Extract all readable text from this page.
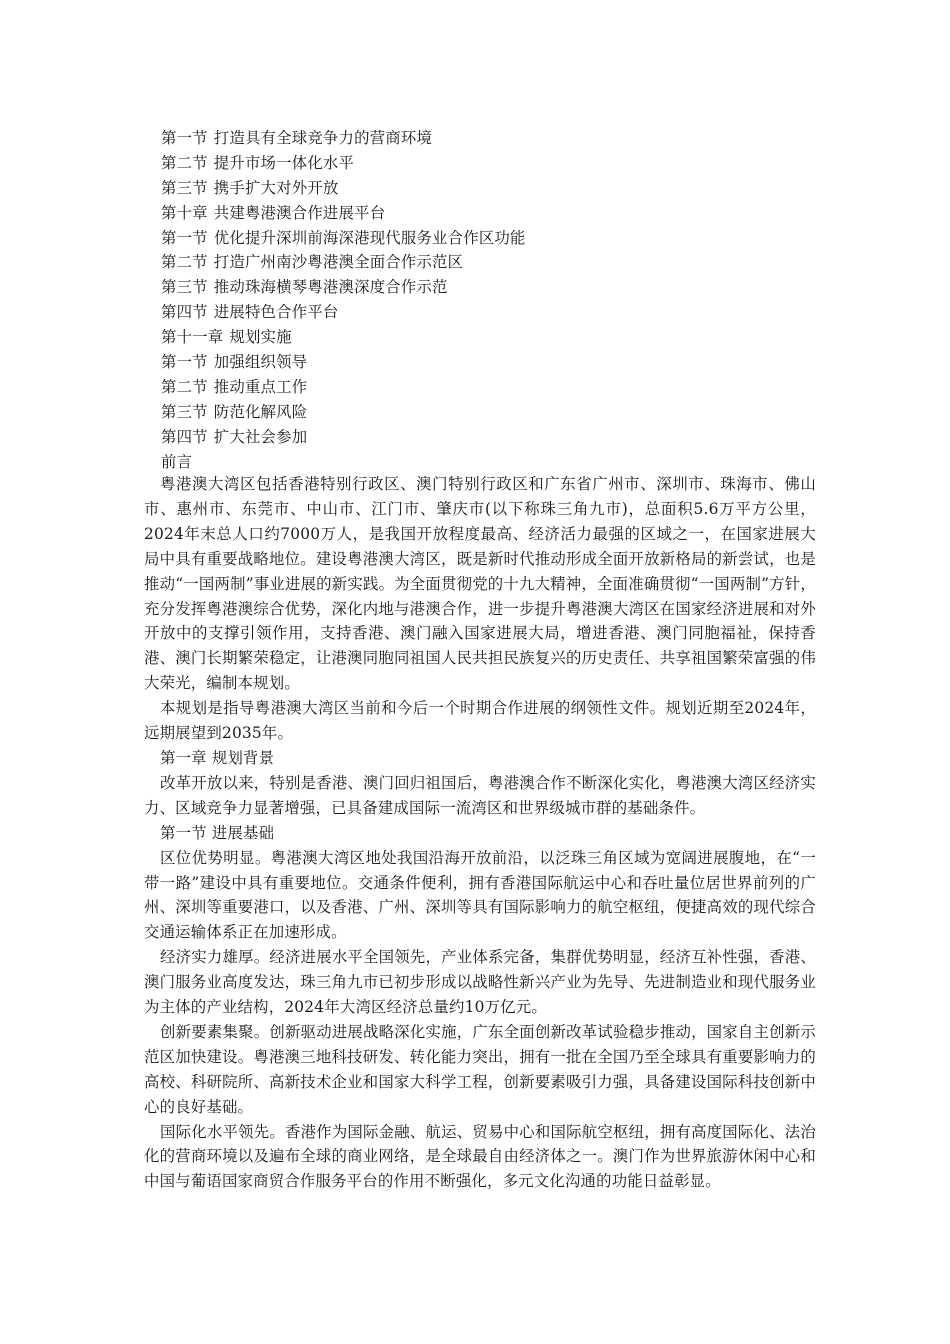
第一节 打造具有全球竞争力的营商环境
第二节 提升市场一体化水平
第三节 携手扩大对外开放
第十章 共建粤港澳合作进展平台
第一节 优化提升深圳前海深港现代服务业合作区功能
第二节 打造广州南沙粤港澳全面合作示范区
第三节 推动珠海横琴粤港澳深度合作示范
第四节 进展特色合作平台
第十一章 规划实施
第一节 加强组织领导
第二节 推动重点工作
第三节 防范化解风险
第四节 扩大社会参加
前言

粤港澳大湾区包括香港特别行政区、澳门特别行政区和广东省广州市、深圳市、珠海市、佛山市、惠州市、东莞市、中山市、江门市、肇庆市(以下称珠三角九市)，总面积5.6万平方公里，2024年末总人口约7000万人，是我国开放程度最高、经济活力最强的区域之一，在国家进展大局中具有重要战略地位。建设粤港澳大湾区，既是新时代推动形成全面开放新格局的新尝试，也是推动“一国两制”事业进展的新实践。为全面贯彻党的十九大精神，全面准确贯彻“一国两制”方针，充分发挥粤港澳综合优势，深化内地与港澳合作，进一步提升粤港澳大湾区在国家经济进展和对外开放中的支撑引领作用，支持香港、澳门融入国家进展大局，增进香港、澳门同胞福祉，保持香港、澳门长期繁荣稳定，让港澳同胞同祖国人民共担民族复兴的历史责任、共享祖国繁荣富强的伟大荣光，编制本规划。

本规划是指导粤港澳大湾区当前和今后一个时期合作进展的纲领性文件。规划近期至2024年，远期展望到2035年。

第一章 规划背景

改革开放以来，特别是香港、澳门回归祖国后，粤港澳合作不断深化实化，粤港澳大湾区经济实力、区域竞争力显著增强，已具备建成国际一流湾区和世界级城市群的基础条件。

第一节 进展基础

区位优势明显。粤港澳大湾区地处我国沿海开放前沿，以泛珠三角区域为宽阔进展腹地，在“一带一路”建设中具有重要地位。交通条件便利，拥有香港国际航运中心和吞吐量位居世界前列的广州、深圳等重要港口，以及香港、广州、深圳等具有国际影响力的航空枢纽，便捷高效的现代综合交通运输体系正在加速形成。

经济实力雄厚。经济进展水平全国领先，产业体系完备，集群优势明显，经济互补性强，香港、澳门服务业高度发达，珠三角九市已初步形成以战略性新兴产业为先导、先进制造业和现代服务业为主体的产业结构，2024年大湾区经济总量约10万亿元。

创新要素集聚。创新驱动进展战略深化实施，广东全面创新改革试验稳步推动，国家自主创新示范区加快建设。粤港澳三地科技研发、转化能力突出，拥有一批在全国乃至全球具有重要影响力的高校、科研院所、高新技术企业和国家大科学工程，创新要素吸引力强，具备建设国际科技创新中心的良好基础。

国际化水平领先。香港作为国际金融、航运、贸易中心和国际航空枢纽，拥有高度国际化、法治化的营商环境以及遍布全球的商业网络，是全球最自由经济体之一。澳门作为世界旅游休闲中心和中国与葡语国家商贸合作服务平台的作用不断强化，多元文化沟通的功能日益彰显。
